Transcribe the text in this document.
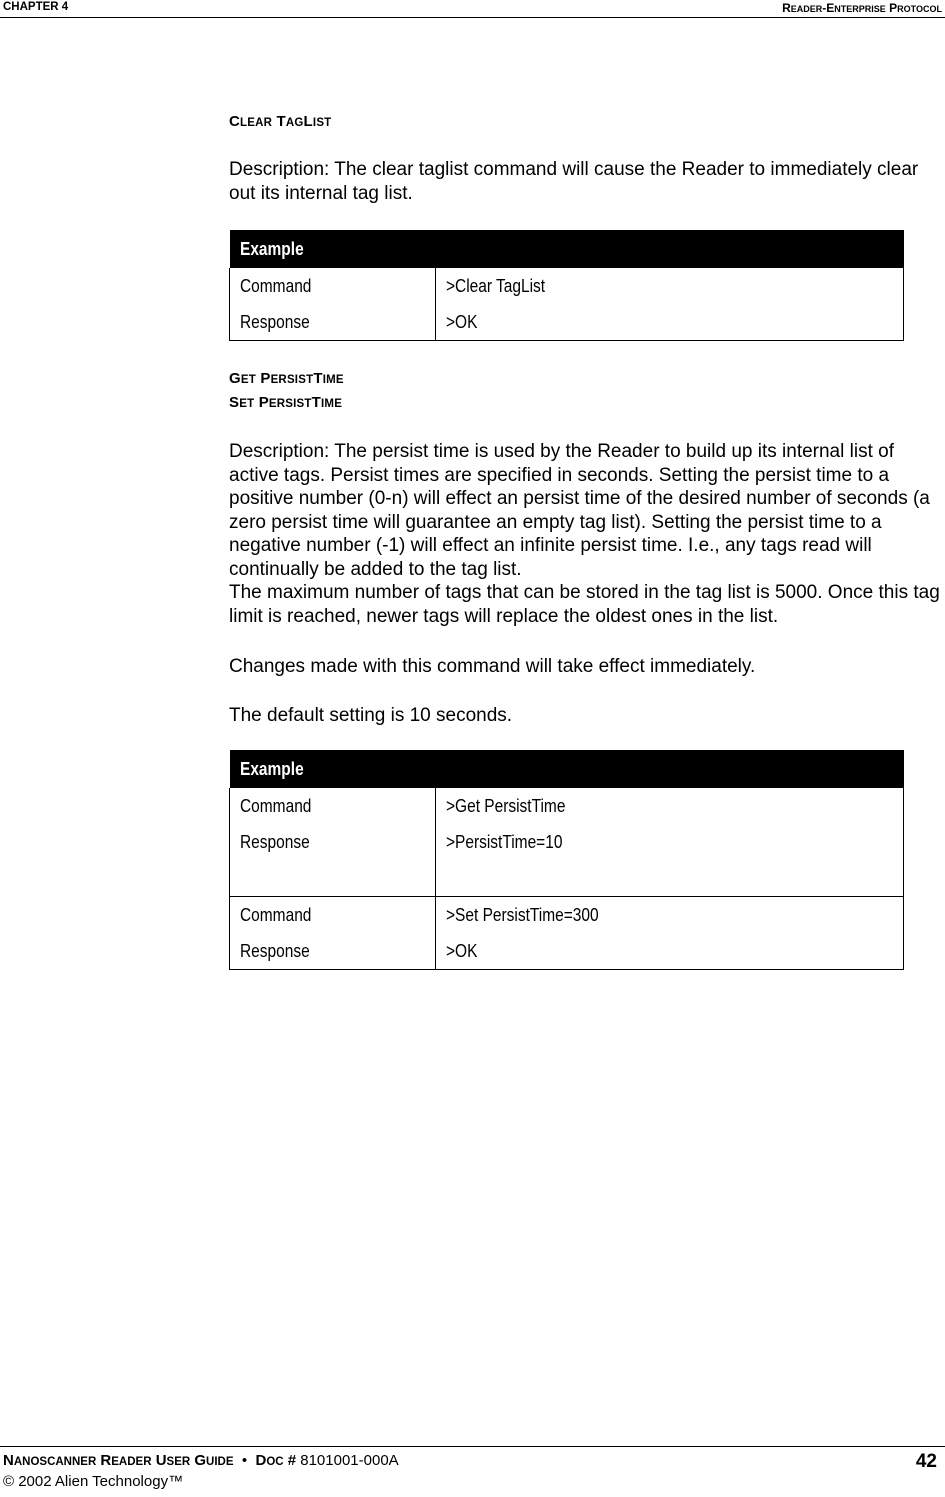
CHAPTER 4	READER-ENTERPRISE PROTOCOL
CLEAR TAGLIST
Description: The clear taglist command will cause the Reader to immediately clear out its internal tag list.
Example	
Command	>Clear TagList
Response	>OK
GET PERSISTTIME
SET PERSISTTIME
Description: The persist time is used by the Reader to build up its internal list of active tags. Persist times are specified in seconds. Setting the persist time to a positive number (0-n) will effect an persist time of the desired number of seconds (a zero persist time will guarantee an empty tag list). Setting the persist time to a negative number (-1) will effect an infinite persist time. I.e., any tags read will continually be added to the tag list.
The maximum number of tags that can be stored in the tag list is 5000. Once this tag limit is reached, newer tags will replace the oldest ones in the list.
Changes made with this command will take effect immediately.
The default setting is 10 seconds.
Example	
Command	>Get PersistTime
Response	>PersistTime=10

Command	>Set PersistTime=300
Response	>OK
NANOSCANNER READER USER GUIDE • DOC # 8101001-000A
© 2002 Alien Technology™
42
